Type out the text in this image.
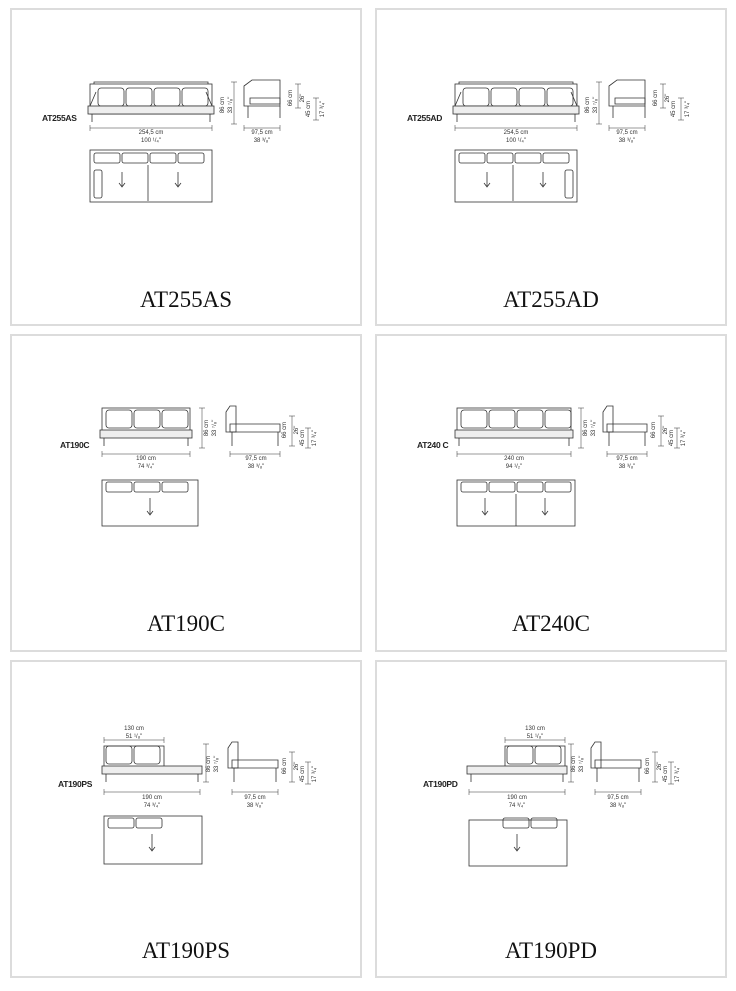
254,5 cm
100 ¹/₄"
86 cm 33 ⁷/₈"
97,5 cm
38 ³/₈"
66 cm 26"
45 cm 17 ³/₄"
AT255AS
AT255AS
254,5 cm
100 ¹/₄"
86 cm 33 ⁷/₈"
97,5 cm
38 ³/₈"
66 cm 26"
45 cm 17 ³/₄"
AT255AD
AT255AD
190 cm
74 ³/₄"
86 cm 33 ⁷/₈"
97,5 cm
38 ³/₈"
66 cm 26" 45 cm 17 ³/₄"
AT190C
AT190C
240 cm
94 ¹/₂"
86 cm 33 ⁷/₈"
97,5 cm
38 ³/₈"
66 cm 26" 45 cm 17 ³/₄"
AT240 C
AT240C
130 cm
51 ¹/₈"
190 cm
74 ³/₄"
86 cm 33 ⁷/₈"
97,5 cm
38 ³/₈"
66 cm 26" 45 cm 17 ³/₄"
AT190PS
AT190PS
130 cm
51 ¹/₈"
190 cm
74 ³/₄"
86 cm 33 ⁷/₈"
97,5 cm
38 ³/₈"
66 cm 26" 45 cm 17 ³/₄"
AT190PD
AT190PD
